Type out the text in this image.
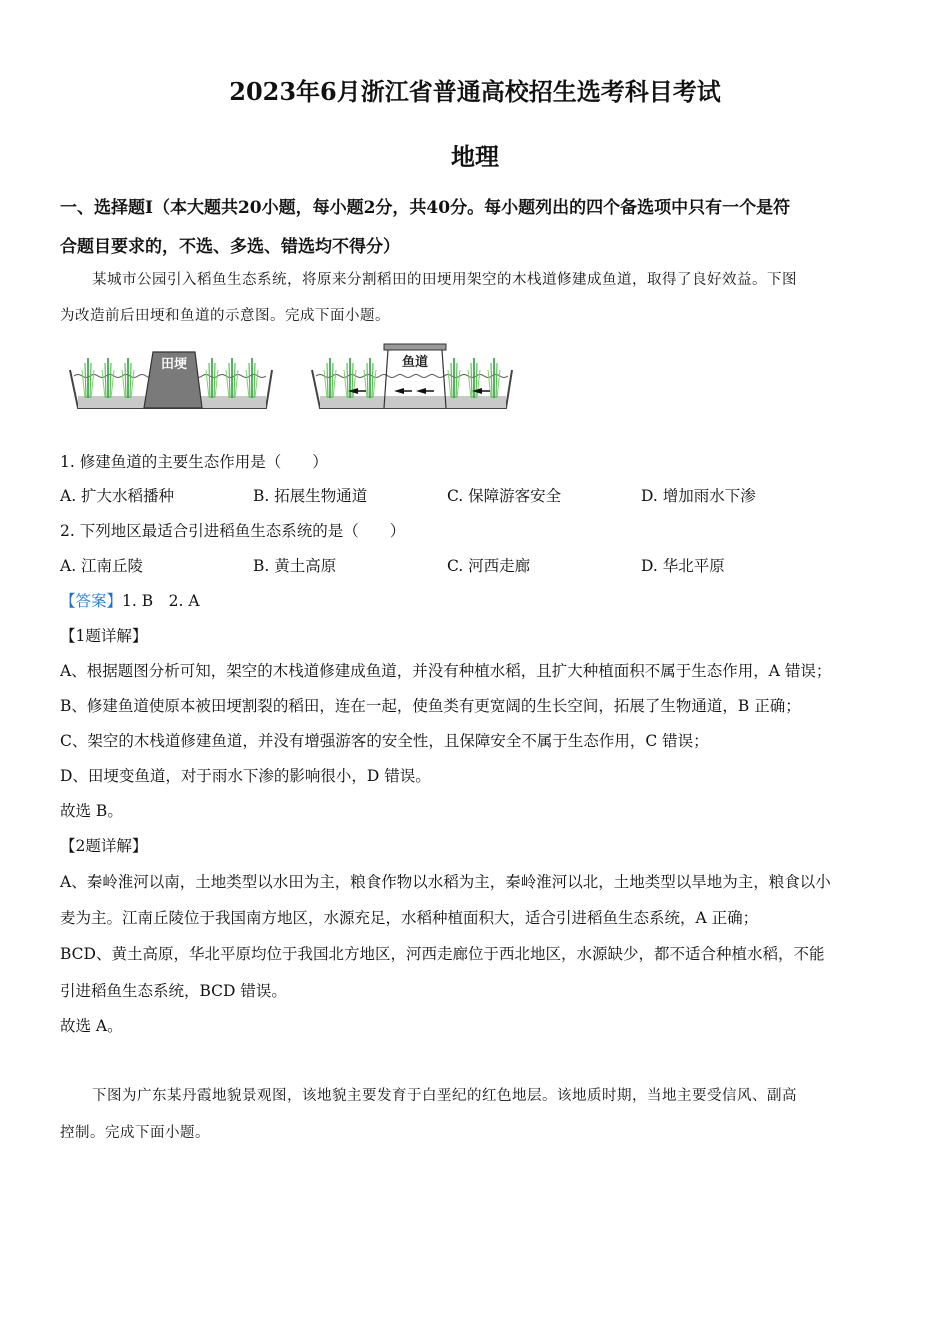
2023年6月浙江省普通高校招生选考科目考试
地理
一、选择题Ⅰ（本大题共20小题，每小题2分，共40分。每小题列出的四个备选项中只有一个是符
合题目要求的，不选、多选、错选均不得分）
某城市公园引入稻鱼生态系统，将原来分割稻田的田埂用架空的木栈道修建成鱼道，取得了良好效益。下图
为改造前后田埂和鱼道的示意图。完成下面小题。
田埂	鱼道
1. 修建鱼道的主要生态作用是（　　）
A. 扩大水稻播种	B. 拓展生物通道	C. 保障游客安全	D. 增加雨水下渗
2. 下列地区最适合引进稻鱼生态系统的是（　　）
A. 江南丘陵	B. 黄土高原	C. 河西走廊	D. 华北平原
【答案】1. B　2. A
【1题详解】
A、根据题图分析可知，架空的木栈道修建成鱼道，并没有种植水稻，且扩大种植面积不属于生态作用，A 错误；
B、修建鱼道使原本被田埂割裂的稻田，连在一起，使鱼类有更宽阔的生长空间，拓展了生物通道，B 正确；
C、架空的木栈道修建鱼道，并没有增强游客的安全性，且保障安全不属于生态作用，C 错误；
D、田埂变鱼道，对于雨水下渗的影响很小，D 错误。
故选 B。
【2题详解】
A、秦岭淮河以南，土地类型以水田为主，粮食作物以水稻为主，秦岭淮河以北，土地类型以旱地为主，粮食以小
麦为主。江南丘陵位于我国南方地区，水源充足，水稻种植面积大，适合引进稻鱼生态系统，A 正确；
BCD、黄土高原，华北平原均位于我国北方地区，河西走廊位于西北地区，水源缺少，都不适合种植水稻，不能
引进稻鱼生态系统，BCD 错误。
故选 A。
下图为广东某丹霞地貌景观图，该地貌主要发育于白垩纪的红色地层。该地质时期，当地主要受信风、副高
控制。完成下面小题。
